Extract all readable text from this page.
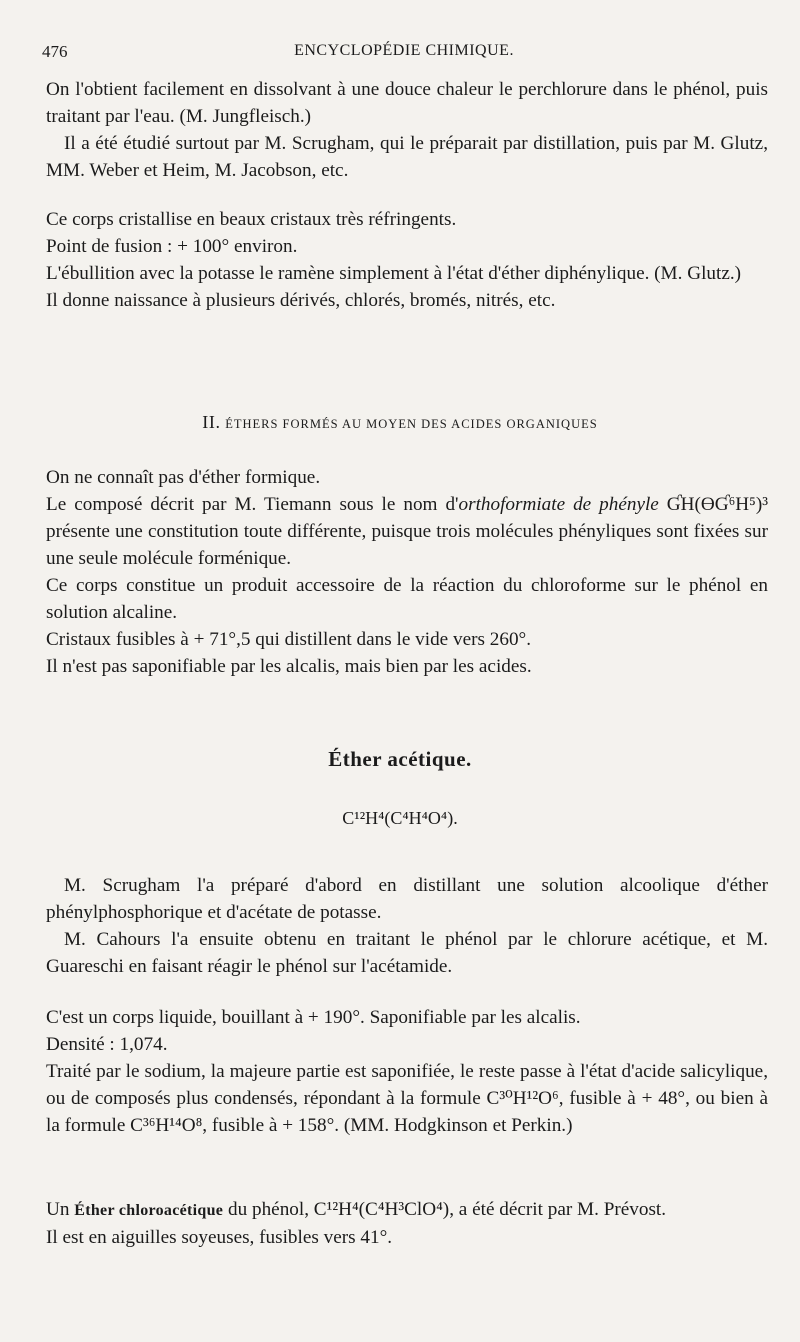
476	ENCYCLOPÉDIE CHIMIQUE.

On l'obtient facilement en dissolvant à une douce chaleur le perchlorure dans le phénol, puis traitant par l'eau. (M. Jungfleisch.)

Il a été étudié surtout par M. Scrugham, qui le préparait par distillation, puis par M. Glutz, MM. Weber et Heim, M. Jacobson, etc.

Ce corps cristallise en beaux cristaux très réfringents.

Point de fusion : + 100° environ.

L'ébullition avec la potasse le ramène simplement à l'état d'éther diphénylique. (M. Glutz.)

Il donne naissance à plusieurs dérivés, chlorés, bromés, nitrés, etc.

II. ÉTHERS FORMÉS AU MOYEN DES ACIDES ORGANIQUES

On ne connaît pas d'éther formique.

Le composé décrit par M. Tiemann sous le nom d'orthoformiate de phényle ƓH(ƟƓ⁶H⁵)³ présente une constitution toute différente, puisque trois molécules phényliques sont fixées sur une seule molécule forménique.

Ce corps constitue un produit accessoire de la réaction du chloroforme sur le phénol en solution alcaline.

Cristaux fusibles à + 71°,5 qui distillent dans le vide vers 260°.

Il n'est pas saponifiable par les alcalis, mais bien par les acides.

Éther acétique.
C¹²H⁴(C⁴H⁴O⁴).

M. Scrugham l'a préparé d'abord en distillant une solution alcoolique d'éther phénylphosphorique et d'acétate de potasse.

M. Cahours l'a ensuite obtenu en traitant le phénol par le chlorure acétique, et M. Guareschi en faisant réagir le phénol sur l'acétamide.

C'est un corps liquide, bouillant à + 190°. Saponifiable par les alcalis.

Densité : 1,074.

Traité par le sodium, la majeure partie est saponifiée, le reste passe à l'état d'acide salicylique, ou de composés plus condensés, répondant à la formule C³⁰H¹²O⁶, fusible à + 48°, ou bien à la formule C³⁶H¹⁴O⁸, fusible à + 158°. (MM. Hodgkinson et Perkin.)

Un Éther chloroacétique du phénol, C¹²H⁴(C⁴H³ClO⁴), a été décrit par M. Prévost.

Il est en aiguilles soyeuses, fusibles vers 41°.
